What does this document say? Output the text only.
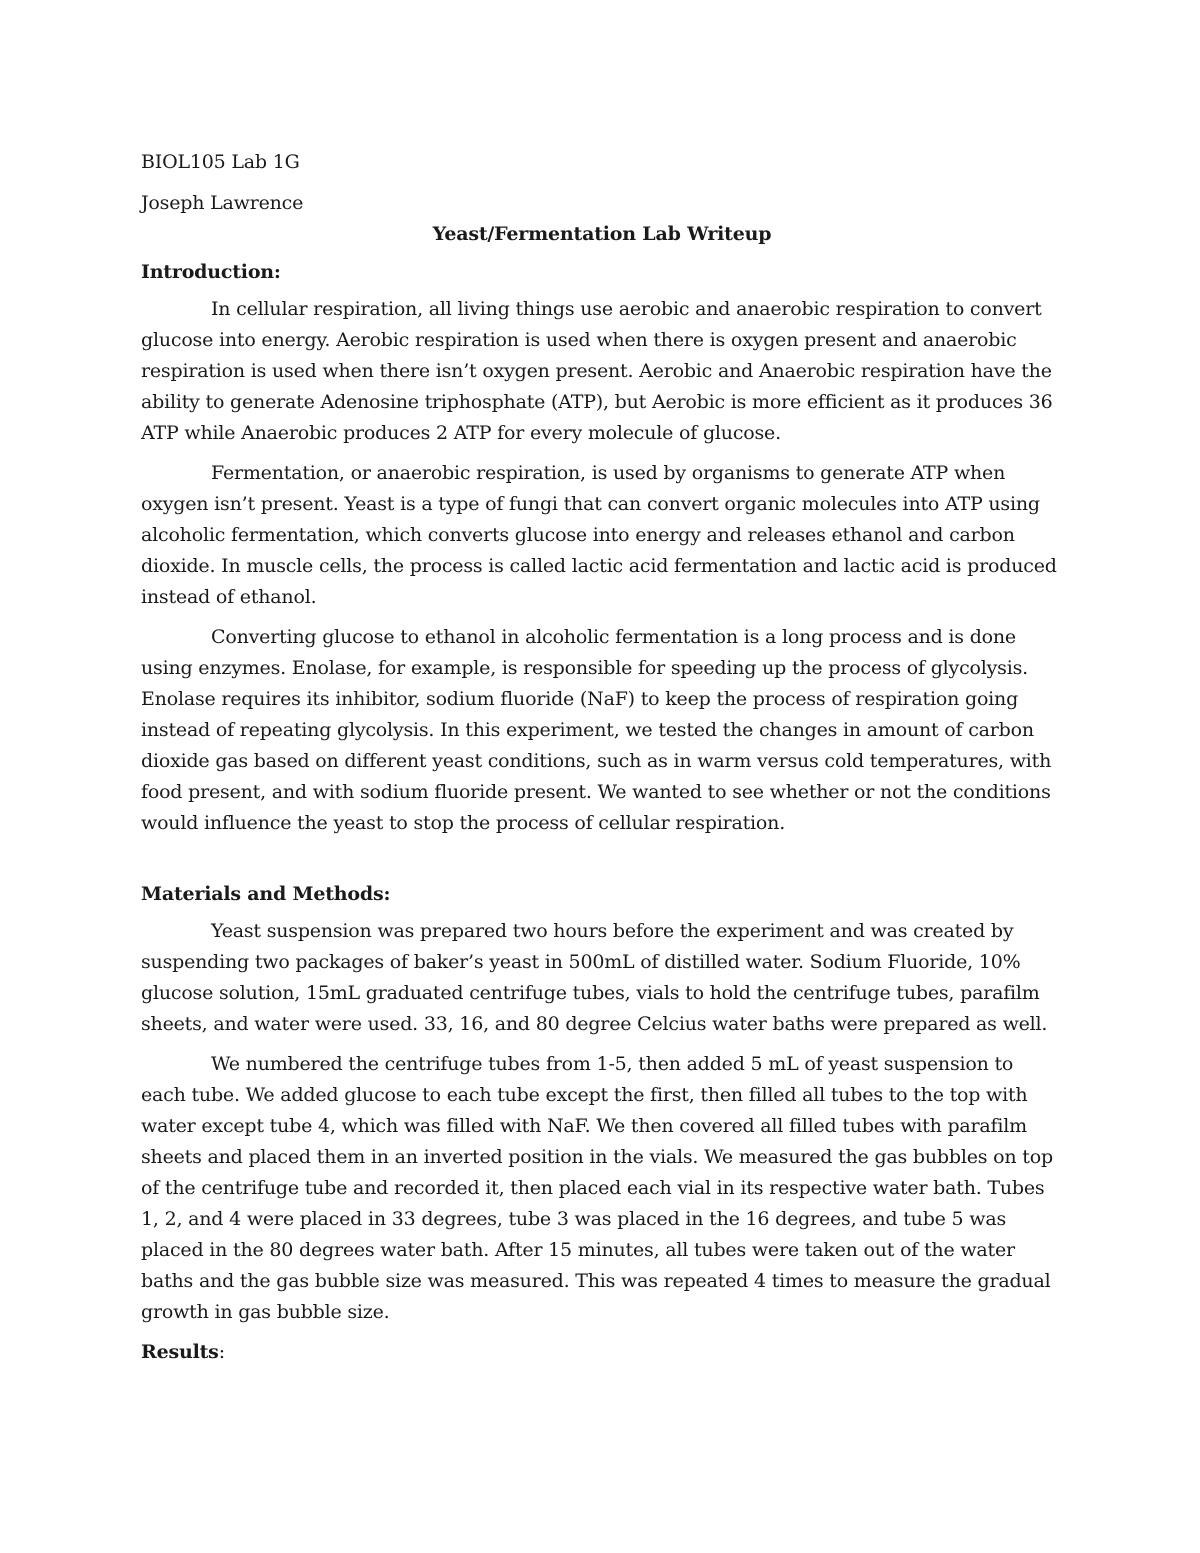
BIOL105 Lab 1G

Joseph Lawrence

Yeast/Fermentation Lab Writeup

Introduction:

In cellular respiration, all living things use aerobic and anaerobic respiration to convert glucose into energy. Aerobic respiration is used when there is oxygen present and anaerobic respiration is used when there isn’t oxygen present. Aerobic and Anaerobic respiration have the ability to generate Adenosine triphosphate (ATP), but Aerobic is more efficient as it produces 36 ATP while Anaerobic produces 2 ATP for every molecule of glucose.

Fermentation, or anaerobic respiration, is used by organisms to generate ATP when oxygen isn’t present. Yeast is a type of fungi that can convert organic molecules into ATP using alcoholic fermentation, which converts glucose into energy and releases ethanol and carbon dioxide. In muscle cells, the process is called lactic acid fermentation and lactic acid is produced instead of ethanol.

Converting glucose to ethanol in alcoholic fermentation is a long process and is done using enzymes. Enolase, for example, is responsible for speeding up the process of glycolysis. Enolase requires its inhibitor, sodium fluoride (NaF) to keep the process of respiration going instead of repeating glycolysis. In this experiment, we tested the changes in amount of carbon dioxide gas based on different yeast conditions, such as in warm versus cold temperatures, with food present, and with sodium fluoride present. We wanted to see whether or not the conditions would influence the yeast to stop the process of cellular respiration.

Materials and Methods:

Yeast suspension was prepared two hours before the experiment and was created by suspending two packages of baker’s yeast in 500mL of distilled water. Sodium Fluoride, 10% glucose solution, 15mL graduated centrifuge tubes, vials to hold the centrifuge tubes, parafilm sheets, and water were used. 33, 16, and 80 degree Celcius water baths were prepared as well.

We numbered the centrifuge tubes from 1-5, then added 5 mL of yeast suspension to each tube. We added glucose to each tube except the first, then filled all tubes to the top with water except tube 4, which was filled with NaF. We then covered all filled tubes with parafilm sheets and placed them in an inverted position in the vials. We measured the gas bubbles on top of the centrifuge tube and recorded it, then placed each vial in its respective water bath. Tubes 1, 2, and 4 were placed in 33 degrees, tube 3 was placed in the 16 degrees, and tube 5 was placed in the 80 degrees water bath. After 15 minutes, all tubes were taken out of the water baths and the gas bubble size was measured. This was repeated 4 times to measure the gradual growth in gas bubble size.

Results:
